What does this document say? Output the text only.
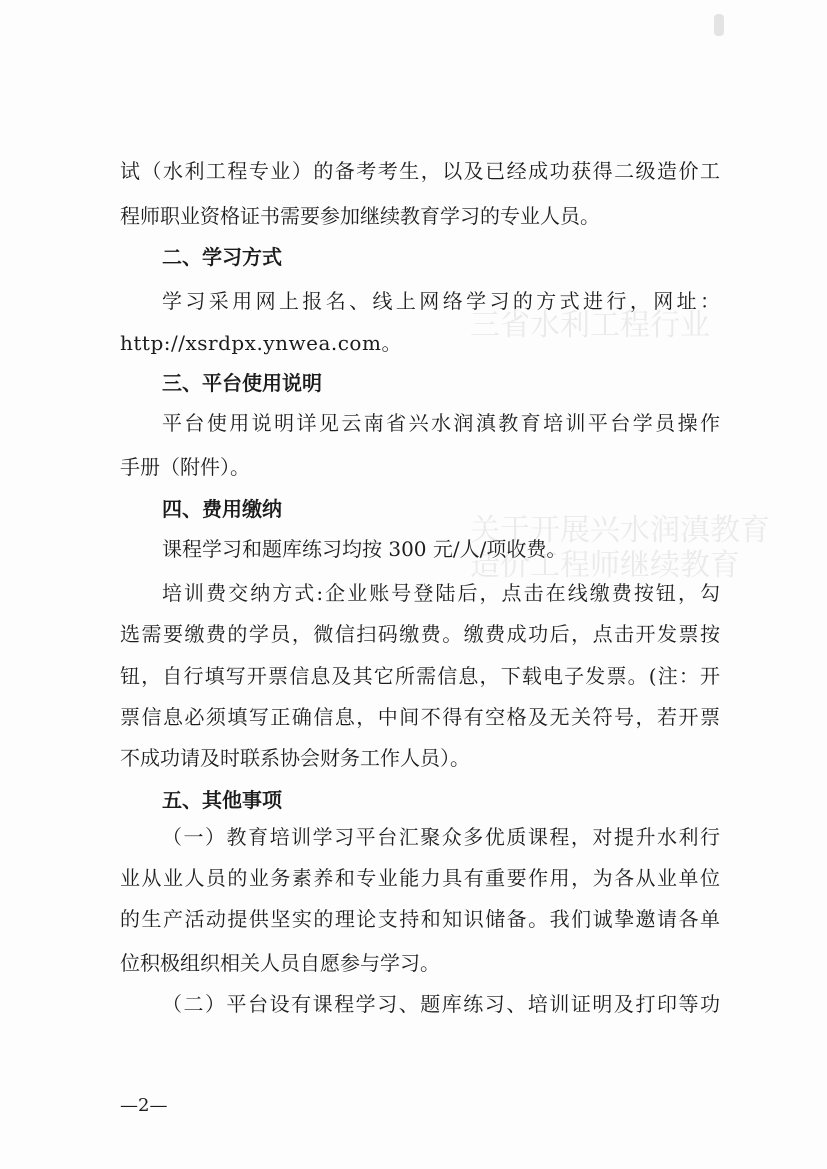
三省水利工程行业
关于开展兴水润滇教育
造价工程师继续教育
试（水利工程专业）的备考考生，以及已经成功获得二级造价工
程师职业资格证书需要参加继续教育学习的专业人员。
二、学习方式
学习采用网上报名、线上网络学习的方式进行，网址：
http://xsrdpx.ynwea.com。
三、平台使用说明
平台使用说明详见云南省兴水润滇教育培训平台学员操作
手册（附件）。
四、费用缴纳
课程学习和题库练习均按 300 元/人/项收费。
培训费交纳方式:企业账号登陆后，点击在线缴费按钮，勾
选需要缴费的学员，微信扫码缴费。缴费成功后，点击开发票按
钮，自行填写开票信息及其它所需信息，下载电子发票。(注：开
票信息必须填写正确信息，中间不得有空格及无关符号，若开票
不成功请及时联系协会财务工作人员）。
五、其他事项
（一）教育培训学习平台汇聚众多优质课程，对提升水利行
业从业人员的业务素养和专业能力具有重要作用，为各从业单位
的生产活动提供坚实的理论支持和知识储备。我们诚挚邀请各单
位积极组织相关人员自愿参与学习。
（二）平台设有课程学习、题库练习、培训证明及打印等功
—2—
